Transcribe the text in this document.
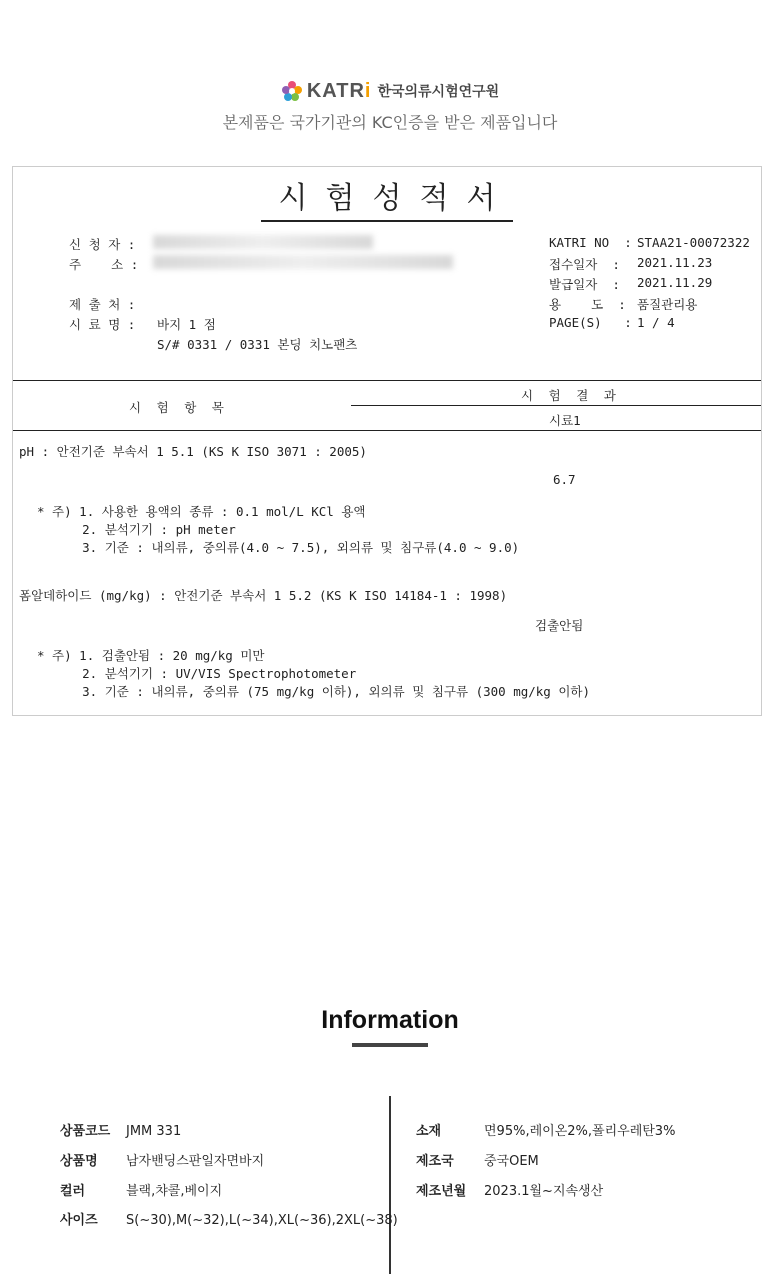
KATRi 한국의류시험연구원
본제품은 국가기관의 KC인증을 받은 제품입니다
시험성적서
신 청 자 :
주    소 :
제 출 처 :
시 료 명 : 바지 1 점
S/# 0331 / 0331 본딩 치노팬츠
KATRI NO  : STAA21-00072322
접수일자  : 2021.11.23
발급일자  : 2021.11.29
용    도  : 품질관리용
PAGE(S)   : 1 / 4
시 험 결 과
시 험 항 목
시료1
pH : 안전기준 부속서 1 5.1 (KS K ISO 3071 : 2005)
6.7
* 주) 1. 사용한 용액의 종류 : 0.1 mol/L KCl 용액
2. 분석기기 : pH meter
3. 기준 : 내의류, 중의류(4.0 ~ 7.5), 외의류 및 침구류(4.0 ~ 9.0)
폼알데하이드 (mg/kg) : 안전기준 부속서 1 5.2 (KS K ISO 14184-1 : 1998)
검출안됨
* 주) 1. 검출안됨 : 20 mg/kg 미만
2. 분석기기 : UV/VIS Spectrophotometer
3. 기준 : 내의류, 중의류 (75 mg/kg 이하), 외의류 및 침구류 (300 mg/kg 이하)
Information
상품코드 JMM 331
상품명 남자밴딩스판일자면바지
컬러	블랙,챠콜,베이지
사이즈 S(~30),M(~32),L(~34),XL(~36),2XL(~38)
소재	면95%,레이온2%,폴리우레탄3%
제조국 중국OEM
제조년월 2023.1월~지속생산
